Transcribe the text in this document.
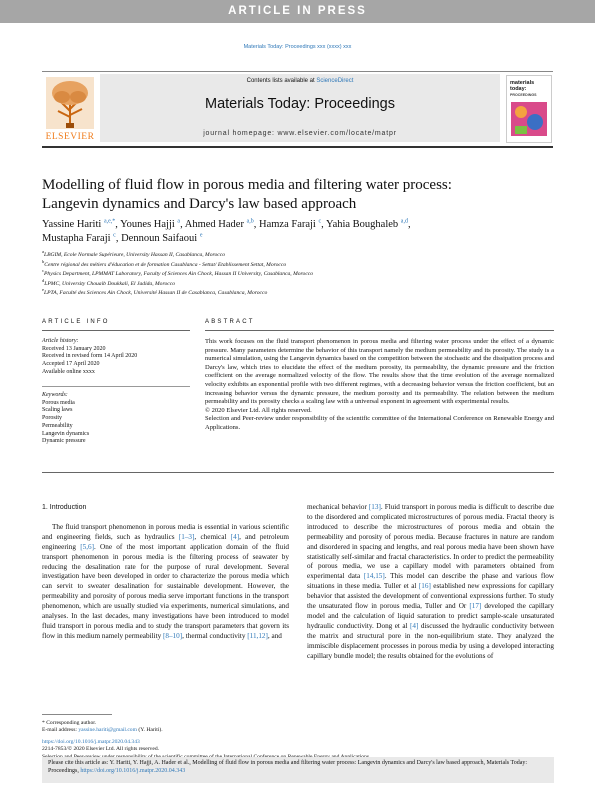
ARTICLE IN PRESS
Materials Today: Proceedings xxx (xxxx) xxx
ELSEVIER
Contents lists available at ScienceDirect
Materials Today: Proceedings
journal homepage: www.elsevier.com/locate/matpr
materials
today:
PROCEEDINGS
Modelling of fluid flow in porous media and filtering water process:
Langevin dynamics and Darcy's law based approach
Yassine Hariti $^{a,e,*}$, Younes Hajji $^a$, Ahmed Hader $^{a,b}$, Hamza Faraji $^c$, Yahia Boughaleb $^{a,d}$,
Mustapha Faraji $^c$, Dennoun Saifaoui $^e$
$^a$LBGIM, Ecole Normale Supérieure, University Hassan II, Casablanca, Morocco
$^b$Centre régional des métiers d'éducation et de formation Casablanca - Settat/ Etablissement Settat, Morocco
$^c$Physics Department, LPMMAT Laboratory, Faculty of Sciences Ain Chock, Hassan II University, Casablanca, Morocco
$^d$LPMC, University Chouaib Doukkali, El Jadida, Morocco
$^e$LPTA, Faculté des Sciences Ain Chock, Université Hassan II de Casablanca, Casablanca, Morocco
ARTICLE INFO	ABSTRACT
Article history:
Received 13 January 2020
Received in revised form 14 April 2020
Accepted 17 April 2020
Available online xxxx
Keywords:
Porous media
Scaling laws
Porosity
Permeability
Langevin dynamics
Dynamic pressure

This work focuses on the fluid transport phenomenon in porous media and filtering water process under the effect of a dynamic pressure. Many parameters determine the behavior of this transport namely the medium permeability and its porosity. The study is a numerical simulation, using the Langevin dynamics based on the competition between the stochastic and the dissipation process and Darcy's law, which tries to elucidate the effect of the medium porosity, its permeability, the dynamic pressure and the friction coefficient on the average normalized velocity of the flow. The results show that the time evolution of the average normalized velocity exhibits an exponential profile with two different regimes, with a decreasing behavior versus the friction coefficient, but an increasing behavior versus the dynamic pressure, the medium porosity and its permeability. The relation between the medium permeability and its porosity checks a scaling law with a universal exponent in agreement with experimental results.

© 2020 Elsevier Ltd. All rights reserved.

Selection and Peer-review under responsibility of the scientific committee of the International Conference on Renewable Energy and Applications.

1. Introduction

The fluid transport phenomenon in porous media is essential in various scientific and engineering fields, such as hydraulics [1–3], chemical [4], and petroleum engineering [5,6]. One of the most important application domain of the fluid transport phenomenon in porous media is the filtering process of seawater by reducing the desalination rate for the purpose of rural development. Several investigation have been developed in order to characterize the porous media which can servit to sweater desalination for sustainable development. However, the permeability and porosity of porous media serve important functions in the transport phenomenon, which are usually studied via experiments, numerical simulations, and analyses. In the last decades, many investigations have been introduced to model fluid transport in porous media and to study the transport parameters that govern its flow in this medium namely permeability [8–10], thermal conductivity [11,12], and

mechanical behavior [13]. Fluid transport in porous media is difficult to describe due to the disordered and complicated microstructures of porous media. Fractal theory is introduced to describe the microstructures of porous media and obtain the permeability and porosity of porous media. Because fractures in nature are random and disordered in spacing and lengths, and real porous media have been shown have statistically self-similar and fractal characteristics. In order to predict the permeability of porous media, we use a capillary model with parameters obtained from experimental data [14,15]. This model can describe the phase and various flow situations in these media. Tuller et al [16] established new expressions for capillary behavior that assisted the development of conventional expressions further. To study the unsaturated flow in porous media, Tuller and Or [17] developed the capillary model and the calculation of liquid saturation to predict sample-scale unsaturated hydraulic conductivity. Dong et al [4] discussed the hydraulic conductivity between the matrix and structural pore in the non-equilibrium state. They analyzed the immiscible displacement processes in porous media by using a developed interacting capillary bundle model; the results obtained for the evolutions of

* Corresponding author.
E-mail address: yassine.hariti@gmail.com (Y. Hariti).
https://doi.org/10.1016/j.matpr.2020.04.343
2214-7853/© 2020 Elsevier Ltd. All rights reserved.
Please cite this article as: Y. Hariti, Y. Hajji, A. Hader et al., Modelling of fluid flow in porous media and filtering water process: Langevin dynamics and Darcy's law based approach, Materials Today: Proceedings, https://doi.org/10.1016/j.matpr.2020.04.343
